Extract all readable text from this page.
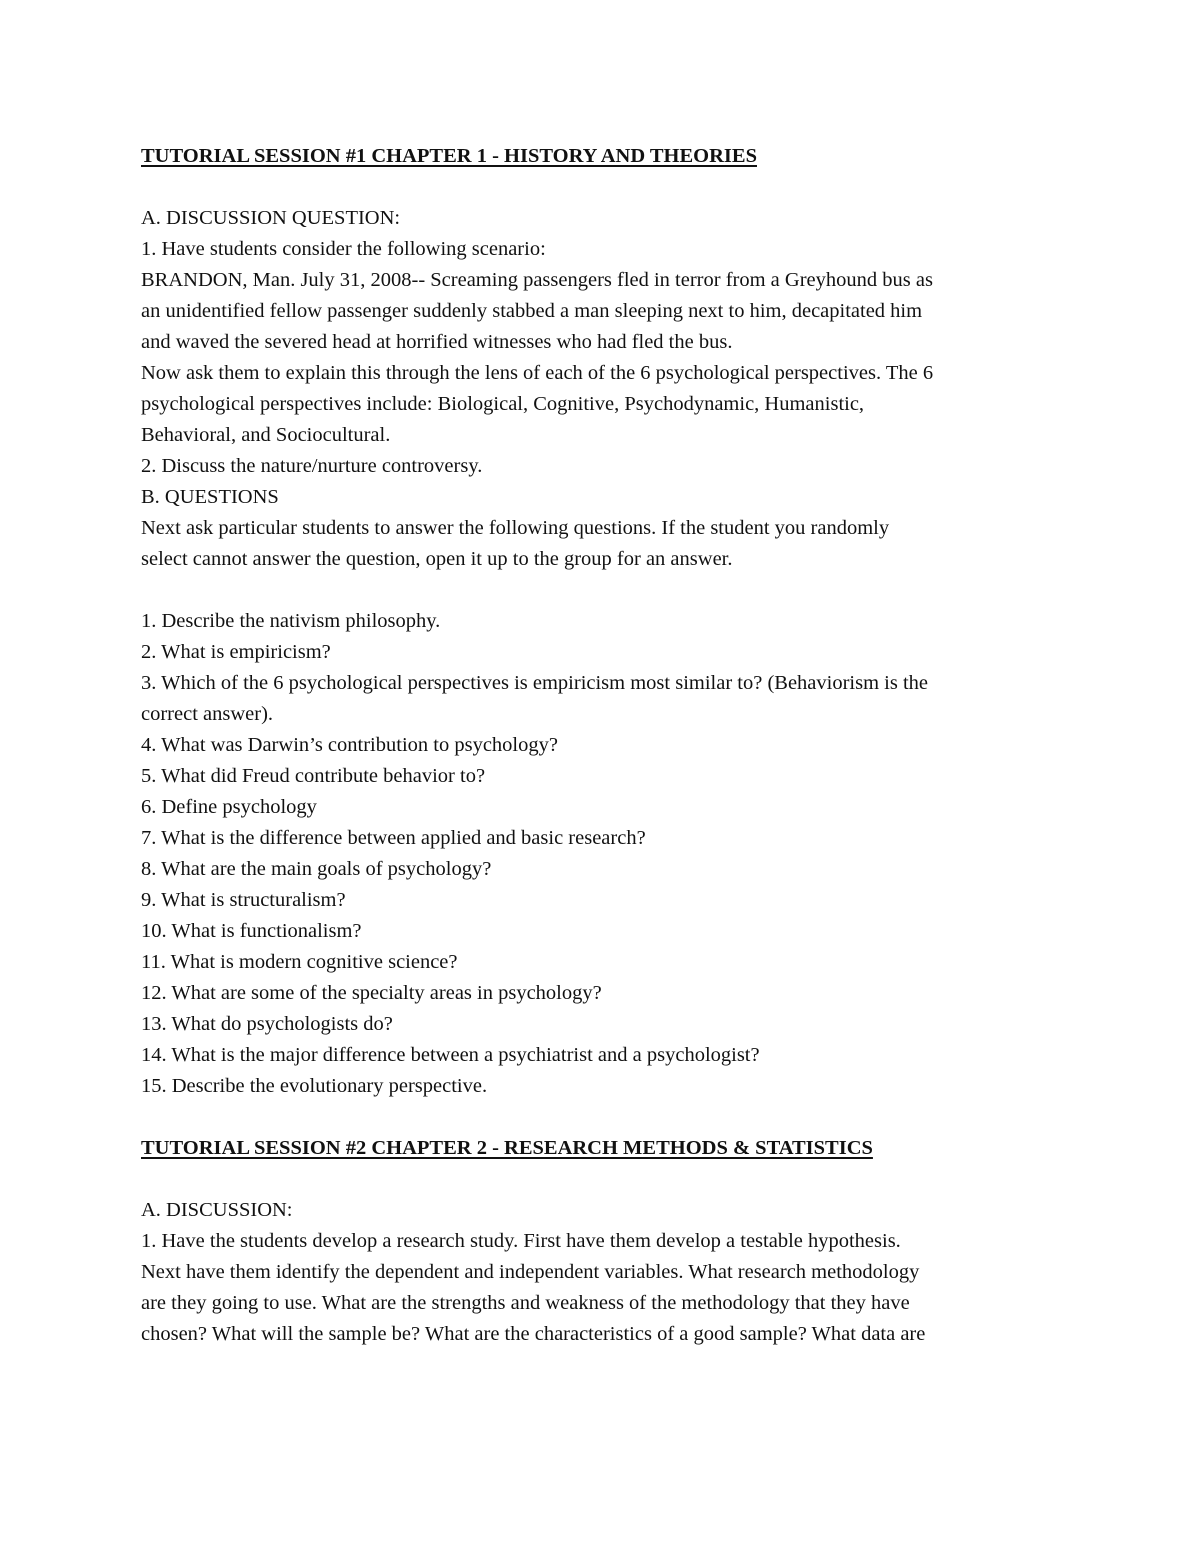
TUTORIAL SESSION #1 CHAPTER 1 - HISTORY AND THEORIES
A. DISCUSSION QUESTION:
1. Have students consider the following scenario:
BRANDON, Man. July 31, 2008-- Screaming passengers fled in terror from a Greyhound bus as
an unidentified fellow passenger suddenly stabbed a man sleeping next to him, decapitated him
and waved the severed head at horrified witnesses who had fled the bus.
Now ask them to explain this through the lens of each of the 6 psychological perspectives. The 6
psychological perspectives include: Biological, Cognitive, Psychodynamic, Humanistic,
Behavioral, and Sociocultural.
2. Discuss the nature/nurture controversy.
B. QUESTIONS
Next ask particular students to answer the following questions. If the student you randomly
select cannot answer the question, open it up to the group for an answer.
1. Describe the nativism philosophy.
2. What is empiricism?
3. Which of the 6 psychological perspectives is empiricism most similar to? (Behaviorism is the
correct answer).
4. What was Darwin’s contribution to psychology?
5. What did Freud contribute behavior to?
6. Define psychology
7. What is the difference between applied and basic research?
8. What are the main goals of psychology?
9. What is structuralism?
10. What is functionalism?
11. What is modern cognitive science?
12. What are some of the specialty areas in psychology?
13. What do psychologists do?
14. What is the major difference between a psychiatrist and a psychologist?
15. Describe the evolutionary perspective.
TUTORIAL SESSION #2 CHAPTER 2 - RESEARCH METHODS & STATISTICS
A. DISCUSSION:
1. Have the students develop a research study. First have them develop a testable hypothesis.
Next have them identify the dependent and independent variables. What research methodology
are they going to use. What are the strengths and weakness of the methodology that they have
chosen? What will the sample be? What are the characteristics of a good sample? What data are
